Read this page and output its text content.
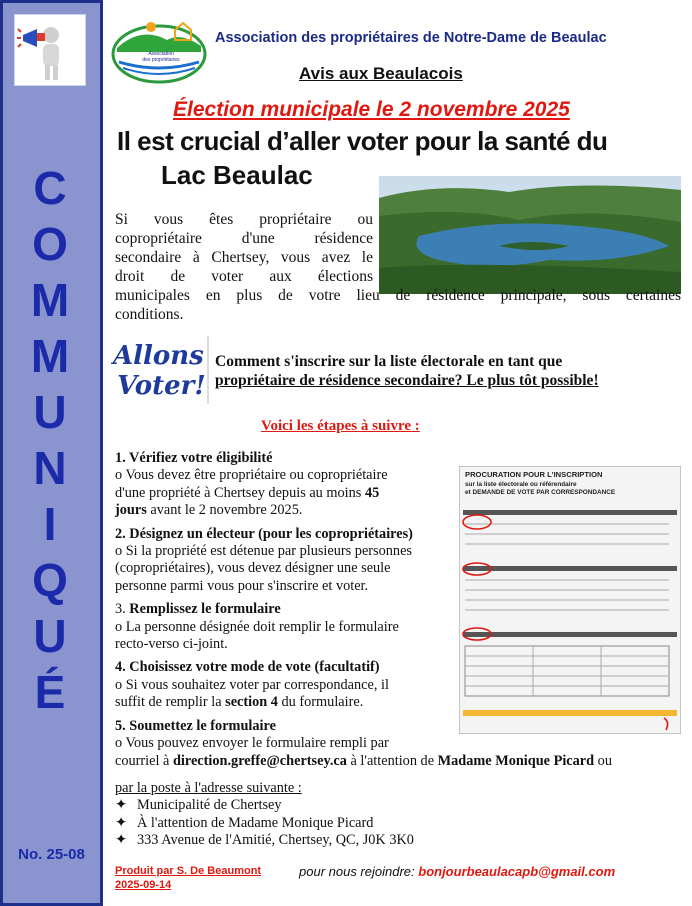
C
O
M
M
U
N
I
Q
U
É
No. 25-08
Association
des propriétaires
Association des propriétaires de Notre-Dame de Beaulac
Avis aux Beaulacois
Élection municipale le 2 novembre 2025
Il est crucial d’aller voter pour la santé du
Lac Beaulac
Si vous êtes propriétaire ou
copropriétaire d'une résidence
secondaire à Chertsey, vous avez le
droit de voter aux élections
municipales en plus de votre lieu de résidence principale, sous certaines
conditions.
Allons
Voter!
Comment s'inscrire sur la liste électorale en tant que
propriétaire de résidence secondaire? Le plus tôt possible!
Voici les étapes à suivre :
PROCURATION POUR L'INSCRIPTION
sur la liste électorale ou référendaire
et DEMANDE DE VOTE PAR CORRESPONDANCE
1. Vérifiez votre éligibilité
o Vous devez être propriétaire ou copropriétaire
d'une propriété à Chertsey depuis au moins 45
jours avant le 2 novembre 2025.
2. Désignez un électeur (pour les copropriétaires)
o Si la propriété est détenue par plusieurs personnes
(copropriétaires), vous devez désigner une seule
personne parmi vous pour s'inscrire et voter.
3. Remplissez le formulaire
o La personne désignée doit remplir le formulaire
recto-verso ci-joint.
4. Choisissez votre mode de vote (facultatif)
o Si vous souhaitez voter par correspondance, il
suffit de remplir la section 4 du formulaire.
5. Soumettez le formulaire
o Vous pouvez envoyer le formulaire rempli par
courriel à direction.greffe@chertsey.ca à l'attention de Madame Monique Picard ou
par la poste à l'adresse suivante :
✦ Municipalité de Chertsey
✦ À l'attention de Madame Monique Picard
✦ 333 Avenue de l'Amitié, Chertsey, QC, J0K 3K0
Produit par S. De Beaumont
2025-09-14
pour nous rejoindre: bonjourbeaulacapb@gmail.com
